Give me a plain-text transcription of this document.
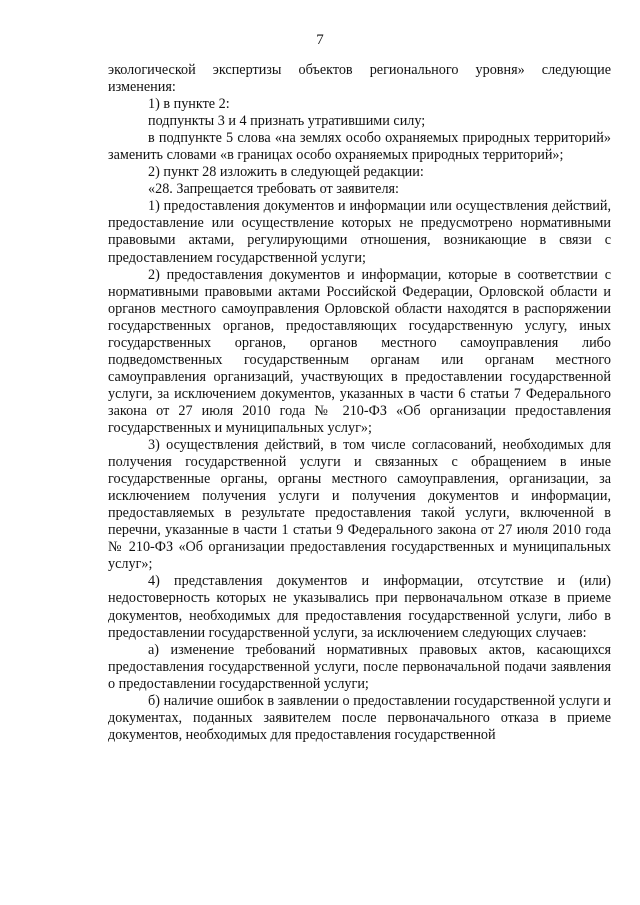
7

экологической экспертизы объектов регионального уровня» следующие изменения:

1) в пункте 2:

подпункты 3 и 4 признать утратившими силу;

в подпункте 5 слова «на землях особо охраняемых природных территорий» заменить словами «в границах особо охраняемых природных территорий»;

2) пункт 28 изложить в следующей редакции:

«28. Запрещается требовать от заявителя:

1) предоставления документов и информации или осуществления действий, предоставление или осуществление которых не предусмотрено нормативными правовыми актами, регулирующими отношения, возникающие в связи с предоставлением государственной услуги;

2) предоставления документов и информации, которые в соответствии с нормативными правовыми актами Российской Федерации, Орловской области и органов местного самоуправления Орловской области находятся в распоряжении государственных органов, предоставляющих государственную услугу, иных государственных органов, органов местного самоуправления либо подведомственных государственным органам или органам местного самоуправления организаций, участвующих в предоставлении государственной услуги, за исключением документов, указанных в части 6 статьи 7 Федерального закона от 27 июля 2010 года № 210-ФЗ «Об организации предоставления государственных и муниципальных услуг»;

3) осуществления действий, в том числе согласований, необходимых для получения государственной услуги и связанных с обращением в иные государственные органы, органы местного самоуправления, организации, за исключением получения услуги и получения документов и информации, предоставляемых в результате предоставления такой услуги, включенной в перечни, указанные в части 1 статьи 9 Федерального закона от 27 июля 2010 года № 210-ФЗ «Об организации предоставления государственных и муниципальных услуг»;

4) представления документов и информации, отсутствие и (или) недостоверность которых не указывались при первоначальном отказе в приеме документов, необходимых для предоставления государственной услуги, либо в предоставлении государственной услуги, за исключением следующих случаев:

а) изменение требований нормативных правовых актов, касающихся предоставления государственной услуги, после первоначальной подачи заявления о предоставлении государственной услуги;

б) наличие ошибок в заявлении о предоставлении государственной услуги и документах, поданных заявителем после первоначального отказа в приеме документов, необходимых для предоставления государственной
